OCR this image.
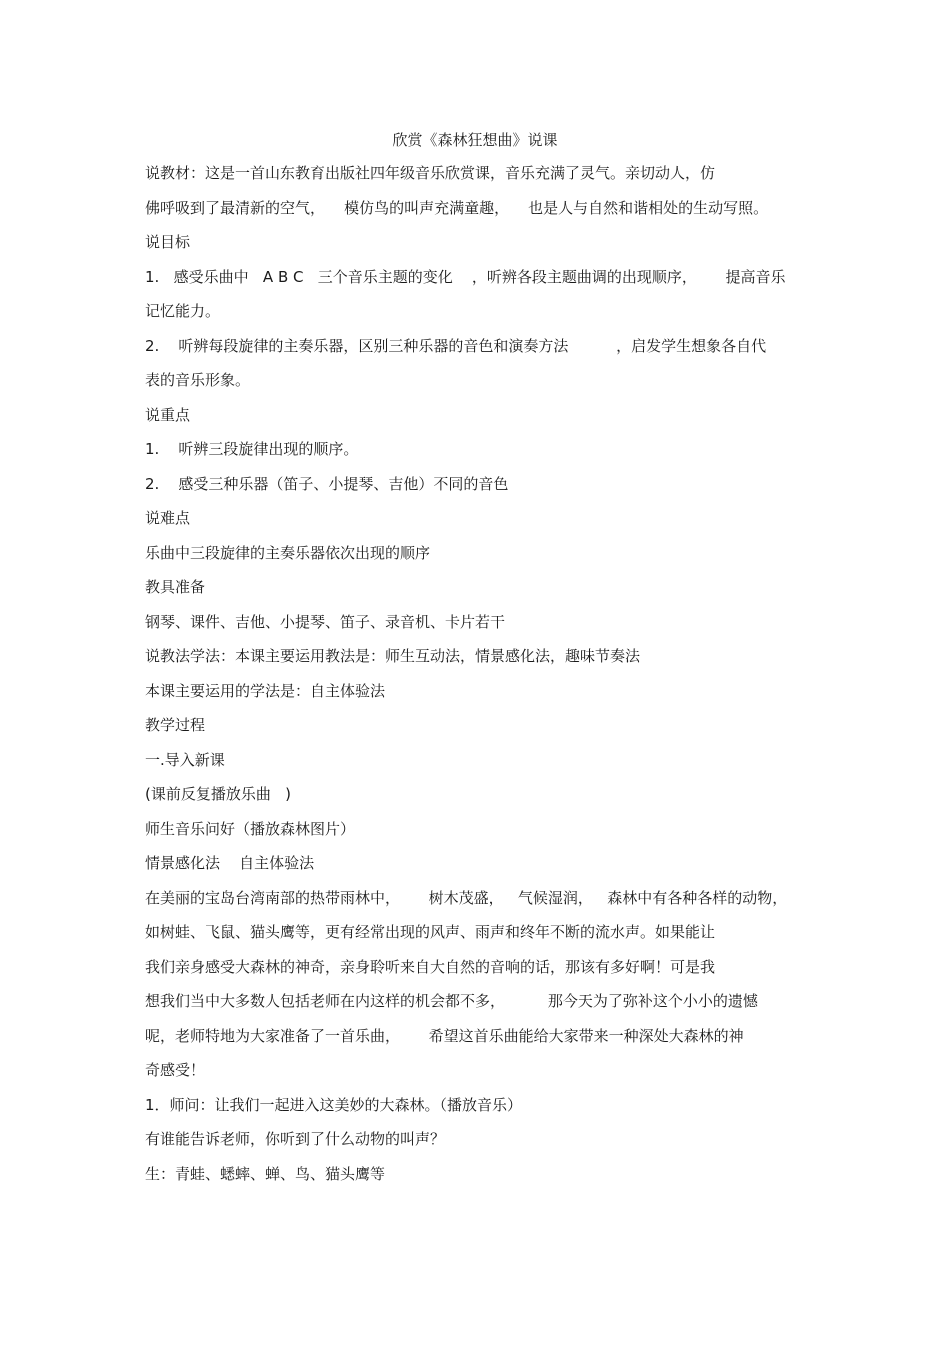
欣赏《森林狂想曲》说课
说教材：这是一首山东教育出版社四年级音乐欣赏课，音乐充满了灵气。亲切动人，仿
佛呼吸到了最清新的空气，    模仿鸟的叫声充满童趣，    也是人与自然和谐相处的生动写照。
说目标
1.   感受乐曲中   A B C   三个音乐主题的变化    ，听辨各段主题曲调的出现顺序，      提高音乐
记忆能力。
2.    听辨每段旋律的主奏乐器，区别三种乐器的音色和演奏方法          ，启发学生想象各自代
表的音乐形象。
说重点
1.    听辨三段旋律出现的顺序。
2.    感受三种乐器（笛子、小提琴、吉他）不同的音色
说难点
乐曲中三段旋律的主奏乐器依次出现的顺序
教具准备
钢琴、课件、吉他、小提琴、笛子、录音机、卡片若干
说教法学法：本课主要运用教法是：师生互动法，情景感化法，趣味节奏法
本课主要运用的学法是：自主体验法
教学过程
一.导入新课
(课前反复播放乐曲   )
师生音乐问好（播放森林图片）
情景感化法    自主体验法
在美丽的宝岛台湾南部的热带雨林中，      树木茂盛，   气候湿润，   森林中有各种各样的动物，
如树蛙、飞鼠、猫头鹰等，更有经常出现的风声、雨声和终年不断的流水声。如果能让
我们亲身感受大森林的神奇，亲身聆听来自大自然的音响的话，那该有多好啊！可是我
想我们当中大多数人包括老师在内这样的机会都不多，         那今天为了弥补这个小小的遗憾
呢，老师特地为大家准备了一首乐曲，      希望这首乐曲能给大家带来一种深处大森林的神
奇感受！
1．师问：让我们一起进入这美妙的大森林。（播放音乐）
有谁能告诉老师，你听到了什么动物的叫声？
生：青蛙、蟋蟀、蝉、鸟、猫头鹰等
